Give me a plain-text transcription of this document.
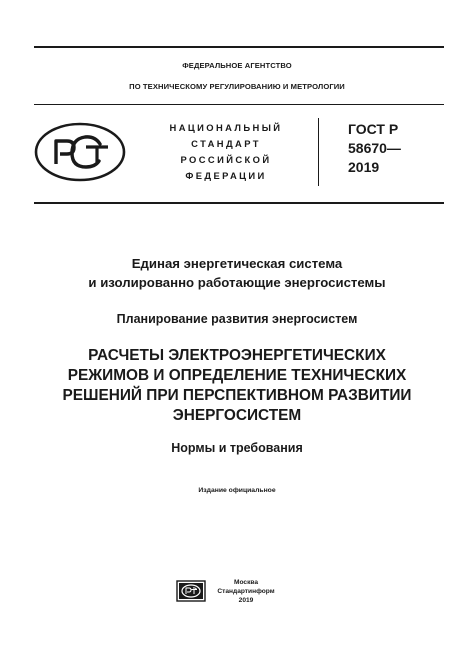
ФЕДЕРАЛЬНОЕ АГЕНТСТВО
ПО ТЕХНИЧЕСКОМУ РЕГУЛИРОВАНИЮ И МЕТРОЛОГИИ
НАЦИОНАЛЬНЫЙ
СТАНДАРТ
РОССИЙСКОЙ
ФЕДЕРАЦИИ
ГОСТ Р
58670—
2019
Единая энергетическая система
и изолированно работающие энергосистемы
Планирование развития энергосистем
РАСЧЕТЫ ЭЛЕКТРОЭНЕРГЕТИЧЕСКИХ
РЕЖИМОВ И ОПРЕДЕЛЕНИЕ ТЕХНИЧЕСКИХ
РЕШЕНИЙ ПРИ ПЕРСПЕКТИВНОМ РАЗВИТИИ
ЭНЕРГОСИСТЕМ
Нормы и требования
Издание официальное
Москва
Стандартинформ
2019
